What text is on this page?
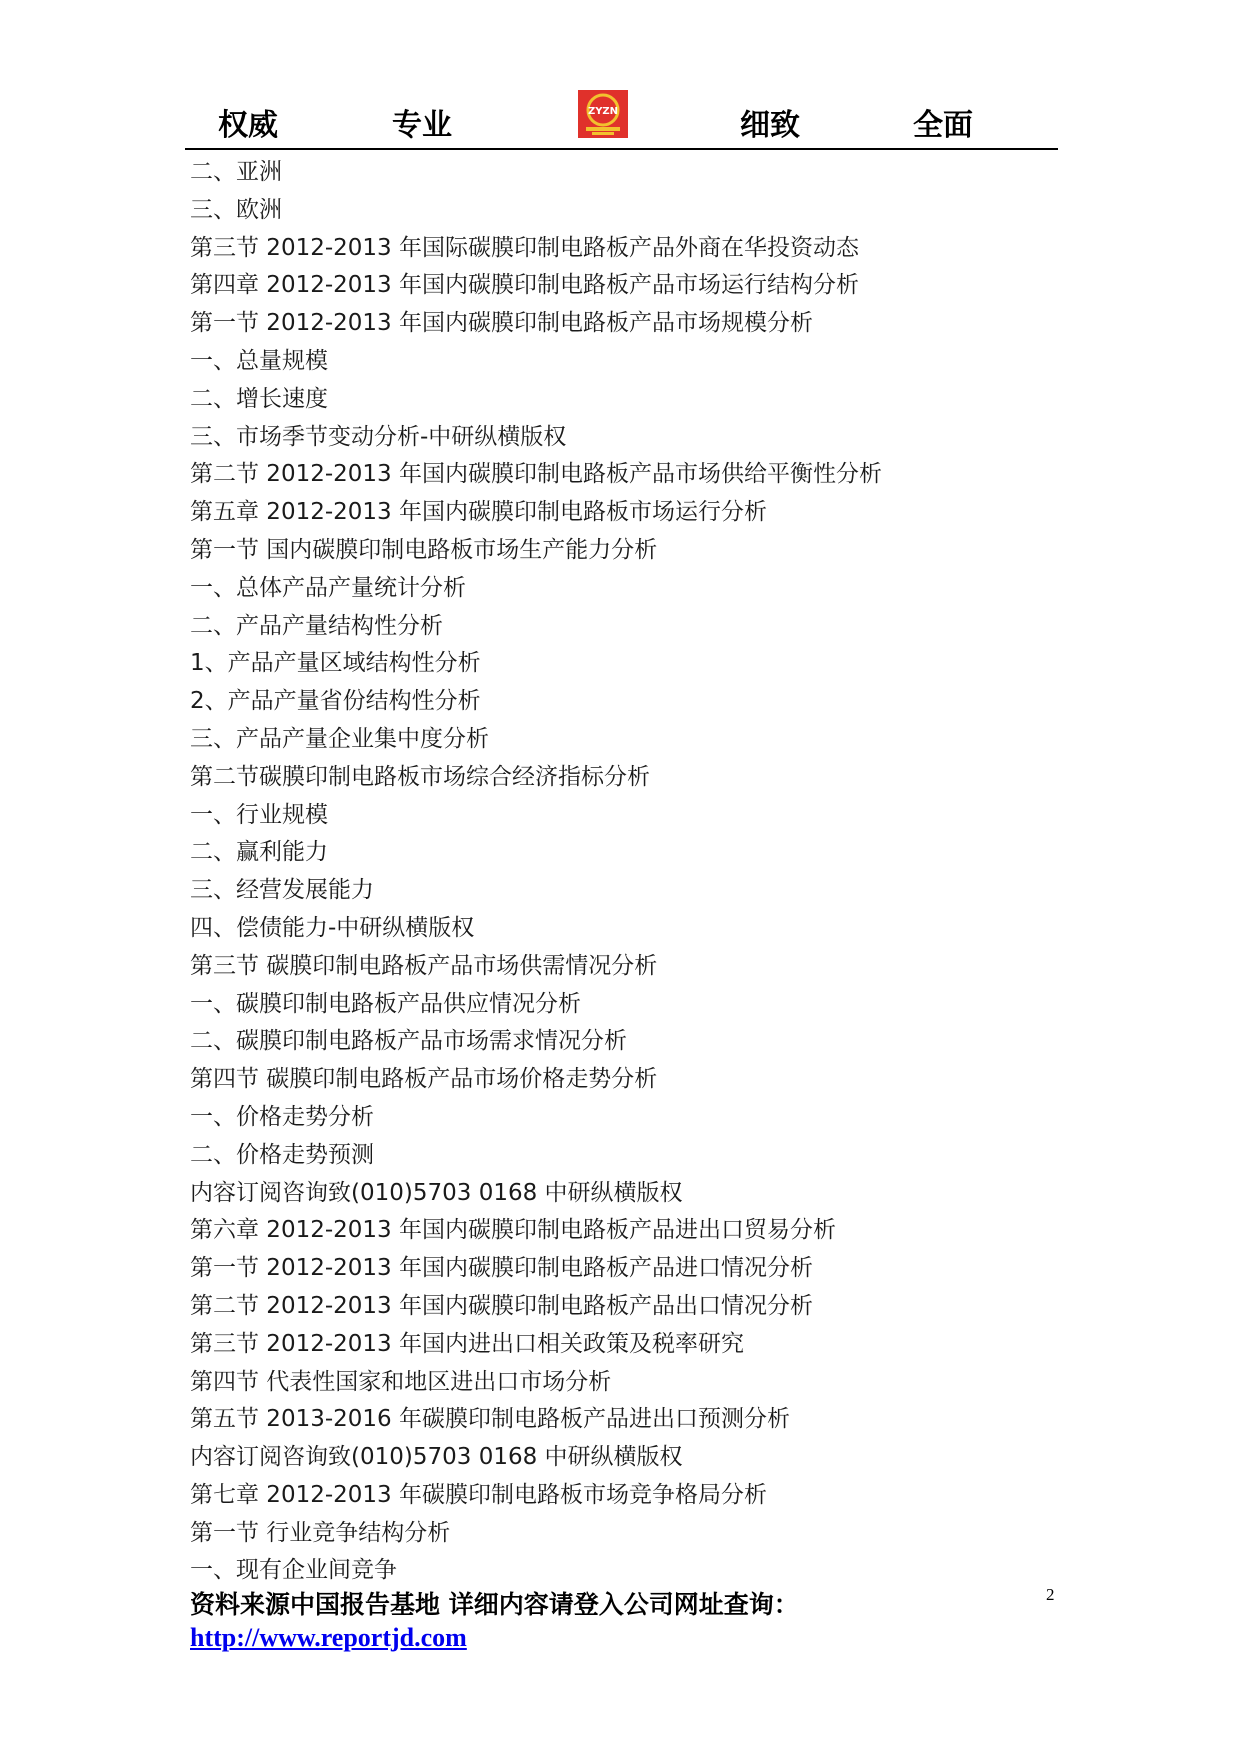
权威	专业	ZYZN	细致	全面
二、亚洲
三、欧洲
第三节 2012-2013 年国际碳膜印制电路板产品外商在华投资动态
第四章 2012-2013 年国内碳膜印制电路板产品市场运行结构分析
第一节 2012-2013 年国内碳膜印制电路板产品市场规模分析
一、总量规模
二、增长速度
三、市场季节变动分析-中研纵横版权
第二节 2012-2013 年国内碳膜印制电路板产品市场供给平衡性分析
第五章 2012-2013 年国内碳膜印制电路板市场运行分析
第一节 国内碳膜印制电路板市场生产能力分析
一、总体产品产量统计分析
二、产品产量结构性分析
1、产品产量区域结构性分析
2、产品产量省份结构性分析
三、产品产量企业集中度分析
第二节碳膜印制电路板市场综合经济指标分析
一、行业规模
二、赢利能力
三、经营发展能力
四、偿债能力-中研纵横版权
第三节 碳膜印制电路板产品市场供需情况分析
一、碳膜印制电路板产品供应情况分析
二、碳膜印制电路板产品市场需求情况分析
第四节 碳膜印制电路板产品市场价格走势分析
一、价格走势分析
二、价格走势预测
内容订阅咨询致(010)5703 0168 中研纵横版权
第六章 2012-2013 年国内碳膜印制电路板产品进出口贸易分析
第一节 2012-2013 年国内碳膜印制电路板产品进口情况分析
第二节 2012-2013 年国内碳膜印制电路板产品出口情况分析
第三节 2012-2013 年国内进出口相关政策及税率研究
第四节 代表性国家和地区进出口市场分析
第五节 2013-2016 年碳膜印制电路板产品进出口预测分析
内容订阅咨询致(010)5703 0168 中研纵横版权
第七章 2012-2013 年碳膜印制电路板市场竞争格局分析
第一节 行业竞争结构分析
一、现有企业间竞争
资料来源中国报告基地 详细内容请登入公司网址查询：
http://www.reportjd.com
2
